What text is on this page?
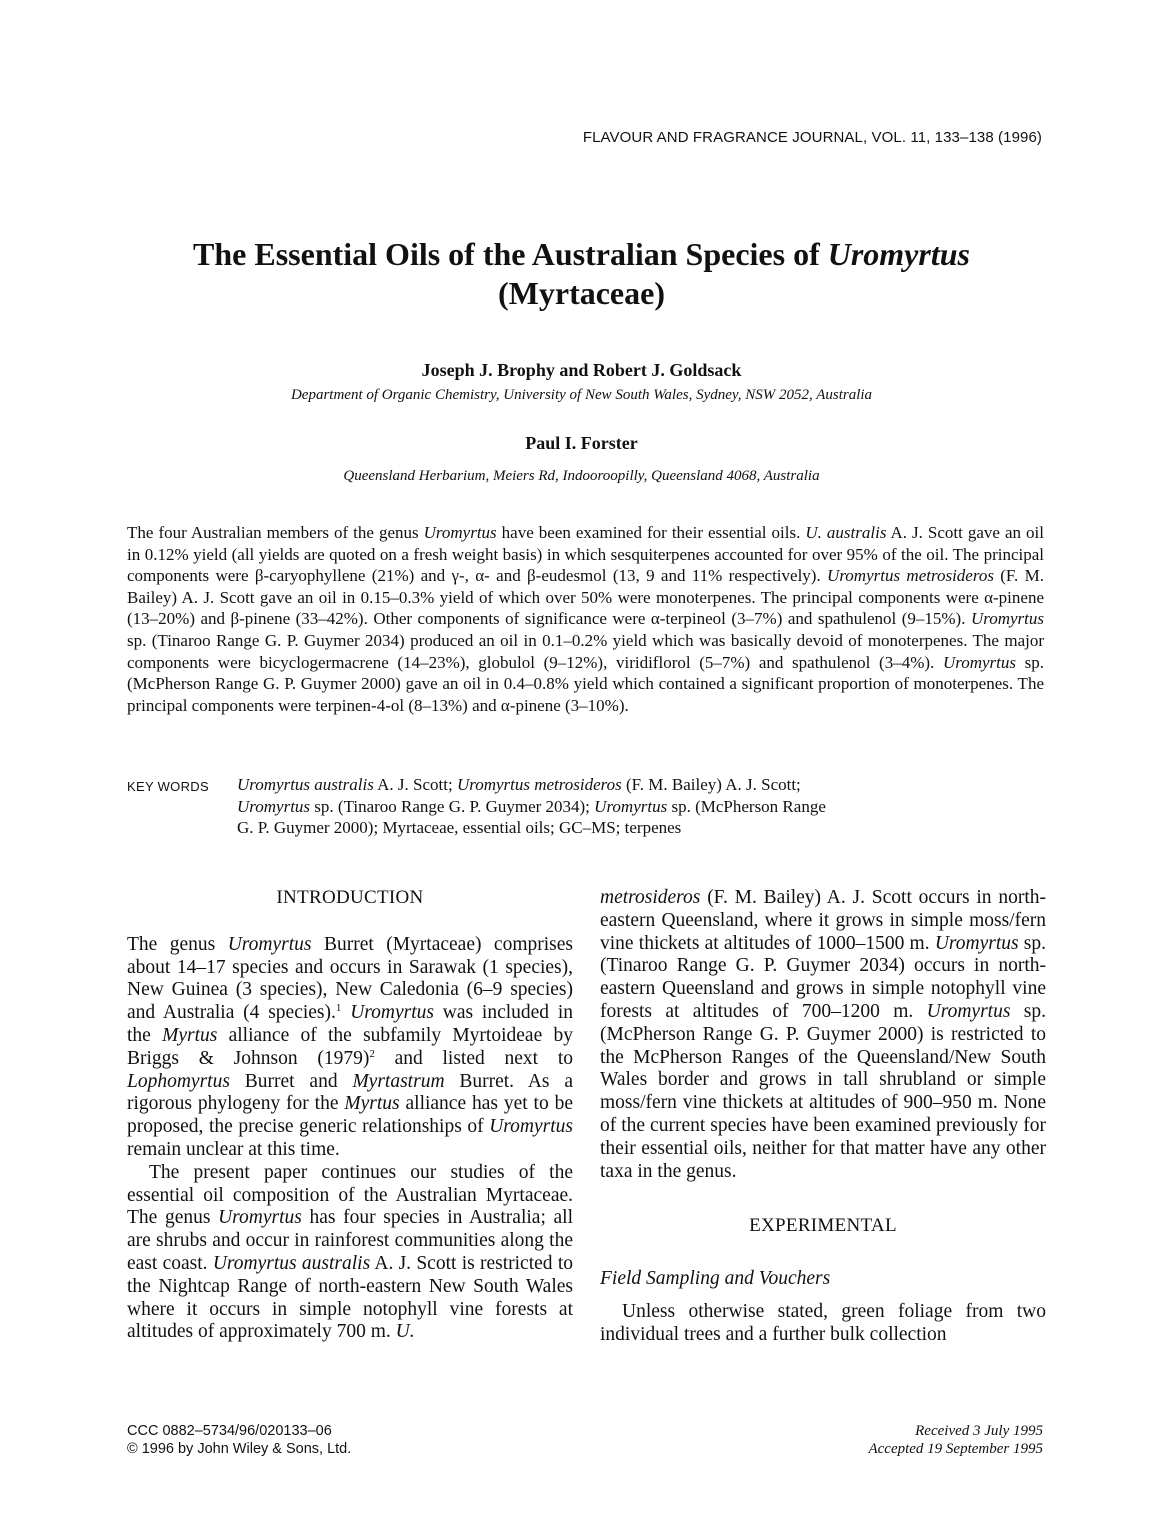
FLAVOUR AND FRAGRANCE JOURNAL, VOL. 11, 133–138 (1996)
The Essential Oils of the Australian Species of Uromyrtus
(Myrtaceae)
Joseph J. Brophy and Robert J. Goldsack
Department of Organic Chemistry, University of New South Wales, Sydney, NSW 2052, Australia
Paul I. Forster
Queensland Herbarium, Meiers Rd, Indooroopilly, Queensland 4068, Australia
The four Australian members of the genus Uromyrtus have been examined for their essential oils. U. australis A. J. Scott gave an oil in 0.12% yield (all yields are quoted on a fresh weight basis) in which sesquiterpenes accounted for over 95% of the oil. The principal components were β-caryophyllene (21%) and γ-, α- and β-eudesmol (13, 9 and 11% respectively). Uromyrtus metrosideros (F. M. Bailey) A. J. Scott gave an oil in 0.15–0.3% yield of which over 50% were monoterpenes. The principal components were α-pinene (13–20%) and β-pinene (33–42%). Other components of significance were α-terpineol (3–7%) and spathulenol (9–15%). Uromyrtus sp. (Tinaroo Range G. P. Guymer 2034) produced an oil in 0.1–0.2% yield which was basically devoid of monoterpenes. The major components were bicyclogermacrene (14–23%), globulol (9–12%), viridiflorol (5–7%) and spathulenol (3–4%). Uromyrtus sp. (McPherson Range G. P. Guymer 2000) gave an oil in 0.4–0.8% yield which contained a significant proportion of monoterpenes. The principal components were terpinen-4-ol (8–13%) and α-pinene (3–10%).
KEY WORDS Uromyrtus australis A. J. Scott; Uromyrtus metrosideros (F. M. Bailey) A. J. Scott;
Uromyrtus sp. (Tinaroo Range G. P. Guymer 2034); Uromyrtus sp. (McPherson Range
G. P. Guymer 2000); Myrtaceae, essential oils; GC–MS; terpenes

INTRODUCTION

The genus Uromyrtus Burret (Myrtaceae) comprises about 14–17 species and occurs in Sarawak (1 species), New Guinea (3 species), New Caledonia (6–9 species) and Australia (4 species).$^1$ Uromyrtus was included in the Myrtus alliance of the subfamily Myrtoideae by Briggs & Johnson $(1979)^2$ and listed next to Lophomyrtus Burret and Myrtastrum Burret. As a rigorous phylogeny for the Myrtus alliance has yet to be proposed, the precise generic relationships of Uromyrtus remain unclear at this time.

The present paper continues our studies of the essential oil composition of the Australian Myrtaceae. The genus Uromyrtus has four species in Australia; all are shrubs and occur in rainforest communities along the east coast. Uromyrtus australis A. J. Scott is restricted to the Nightcap Range of north-eastern New South Wales where it occurs in simple notophyll vine forests at altitudes of approximately 700 m. U.

metrosideros (F. M. Bailey) A. J. Scott occurs in north-eastern Queensland, where it grows in simple moss/fern vine thickets at altitudes of 1000–1500 m. Uromyrtus sp. (Tinaroo Range G. P. Guymer 2034) occurs in north-eastern Queensland and grows in simple notophyll vine forests at altitudes of 700–1200 m. Uromyrtus sp. (McPherson Range G. P. Guymer 2000) is restricted to the McPherson Ranges of the Queensland/New South Wales border and grows in tall shrubland or simple moss/fern vine thickets at altitudes of 900–950 m. None of the current species have been examined previously for their essential oils, neither for that matter have any other taxa in the genus.

EXPERIMENTAL

Field Sampling and Vouchers

Unless otherwise stated, green foliage from two individual trees and a further bulk collection

CCC 0882–5734/96/020133–06
© 1996 by John Wiley & Sons, Ltd.
Received 3 July 1995
Accepted 19 September 1995
